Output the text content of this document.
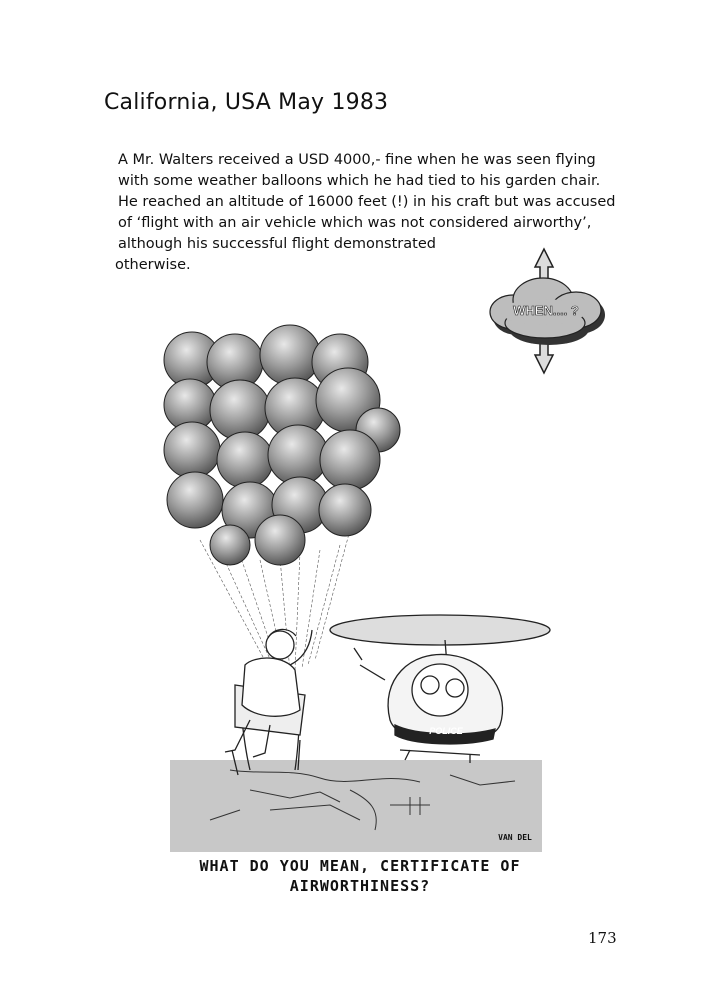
California, USA May 1983
A Mr. Walters received a USD 4000,- fine when he was seen flying
with some weather balloons which he had tied to his garden chair.
He reached an altitude of 16000 feet (!) in his craft but was accused
of ‘flight with an air vehicle which was not considered airworthy’,
although his successful flight demonstrated
otherwise.
WHEN.... ?
POLICE
VAN DEL
WHAT DO YOU MEAN, CERTIFICATE OF
AIRWORTHINESS?
173
